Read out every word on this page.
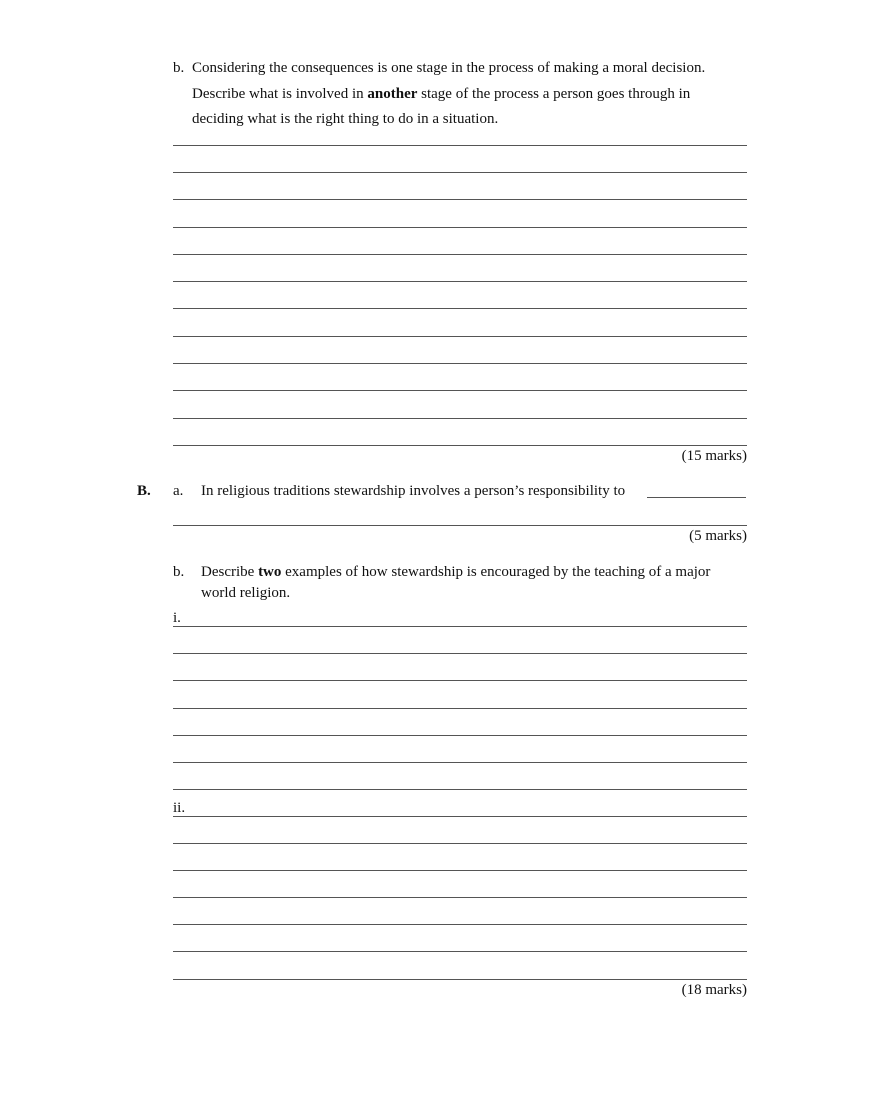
b. Considering the consequences is one stage in the process of making a moral decision.
Describe what is involved in another stage of the process a person goes through in
deciding what is the right thing to do in a situation.
(15 marks)
B. a. In religious traditions stewardship involves a person’s responsibility to
(5 marks)
b. Describe two examples of how stewardship is encouraged by the teaching of a major
world religion.
i.
ii.
(18 marks)
